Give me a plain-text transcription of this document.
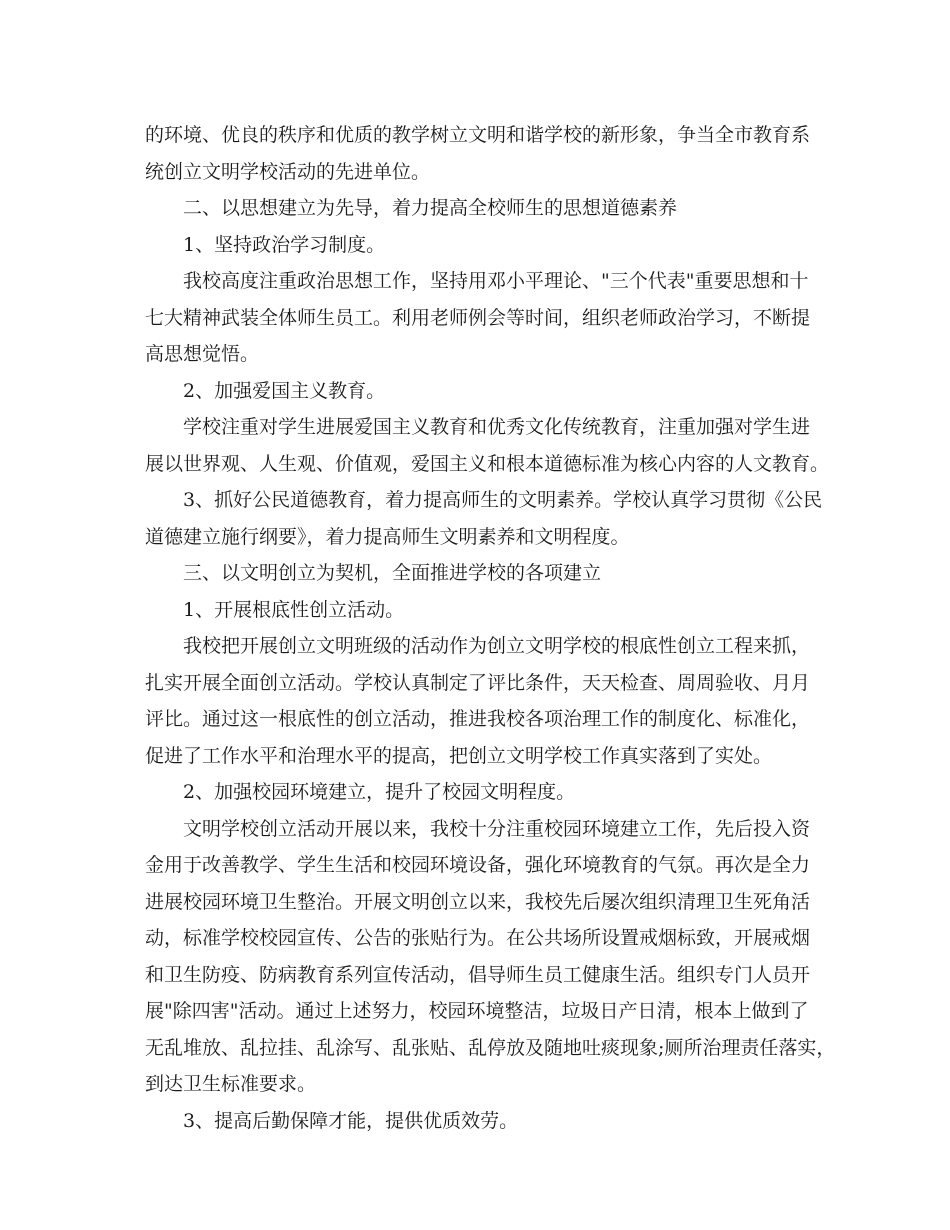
的环境、优良的秩序和优质的教学树立文明和谐学校的新形象，争当全市教育系
统创立文明学校活动的先进单位。
二、以思想建立为先导，着力提高全校师生的思想道德素养
1、坚持政治学习制度。
我校高度注重政治思想工作，坚持用邓小平理论、"三个代表"重要思想和十
七大精神武装全体师生员工。利用老师例会等时间，组织老师政治学习，不断提
高思想觉悟。
2、加强爱国主义教育。
学校注重对学生进展爱国主义教育和优秀文化传统教育，注重加强对学生进
展以世界观、人生观、价值观，爱国主义和根本道德标准为核心内容的人文教育。
3、抓好公民道德教育，着力提高师生的文明素养。学校认真学习贯彻《公民
道德建立施行纲要》，着力提高师生文明素养和文明程度。
三、以文明创立为契机，全面推进学校的各项建立
1、开展根底性创立活动。
我校把开展创立文明班级的活动作为创立文明学校的根底性创立工程来抓，
扎实开展全面创立活动。学校认真制定了评比条件，天天检查、周周验收、月月
评比。通过这一根底性的创立活动，推进我校各项治理工作的制度化、标准化，
促进了工作水平和治理水平的提高，把创立文明学校工作真实落到了实处。
2、加强校园环境建立，提升了校园文明程度。
文明学校创立活动开展以来，我校十分注重校园环境建立工作，先后投入资
金用于改善教学、学生生活和校园环境设备，强化环境教育的气氛。再次是全力
进展校园环境卫生整治。开展文明创立以来，我校先后屡次组织清理卫生死角活
动，标准学校校园宣传、公告的张贴行为。在公共场所设置戒烟标致，开展戒烟
和卫生防疫、防病教育系列宣传活动，倡导师生员工健康生活。组织专门人员开
展"除四害"活动。通过上述努力，校园环境整洁，垃圾日产日清，根本上做到了
无乱堆放、乱拉挂、乱涂写、乱张贴、乱停放及随地吐痰现象;厕所治理责任落实，
到达卫生标准要求。
3、提高后勤保障才能，提供优质效劳。
